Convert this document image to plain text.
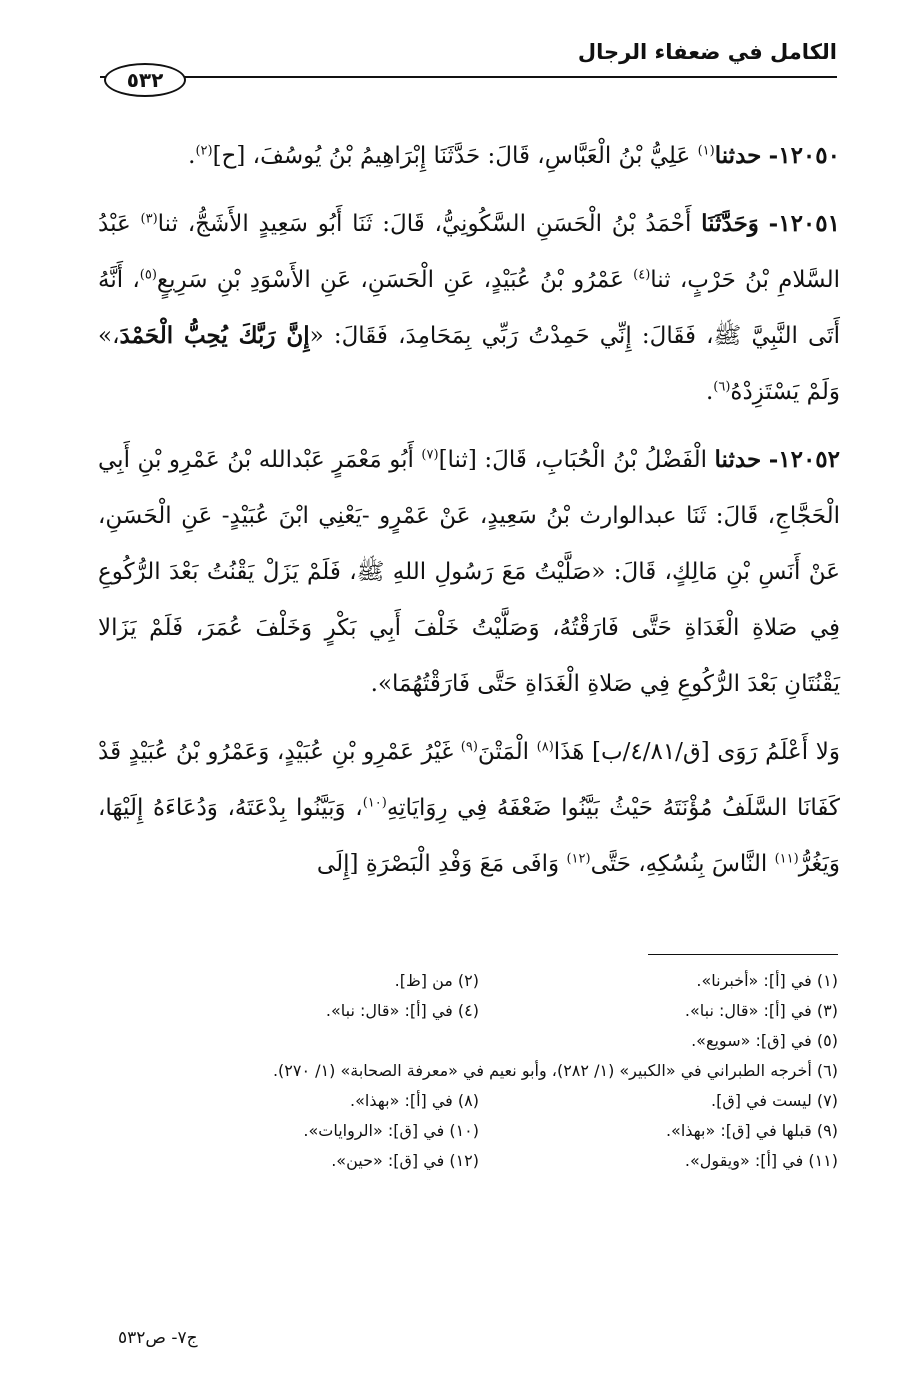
الكامل في ضعفاء الرجال
٥٣٢

١٢٠٥٠- حدثنا$^{(١)}$ عَلِيُّ بْنُ الْعَبَّاسِ، قَالَ: حَدَّثَنَا إِبْرَاهِيمُ بْنُ يُوسُفَ، [ح]$^{(٢)}$.

١٢٠٥١- وَحَدَّثَنَا أَحْمَدُ بْنُ الْحَسَنِ السَّكُونِيُّ، قَالَ: ثَنَا أَبُو سَعِيدٍ الأَشَجُّ، ثنا$^{(٣)}$ عَبْدُ السَّلامِ بْنُ حَرْبٍ، ثنا$^{(٤)}$ عَمْرُو بْنُ عُبَيْدٍ، عَنِ الْحَسَنِ، عَنِ الأَسْوَدِ بْنِ سَرِيعٍ$^{(٥)}$، أَنَّهُ أَتَى النَّبِيَّ ﷺ، فَقَالَ: إِنِّي حَمِدْتُ رَبِّي بِمَحَامِدَ، فَقَالَ: «إِنَّ رَبَّكَ يُحِبُّ الْحَمْدَ،» وَلَمْ يَسْتَزِدْهُ$^{(٦)}$.

١٢٠٥٢- حدثنا الْفَضْلُ بْنُ الْحُبَابِ، قَالَ: [ثنا]$^{(٧)}$ أَبُو مَعْمَرٍ عَبْدالله بْنُ عَمْرِو بْنِ أَبِي الْحَجَّاجِ، قَالَ: ثَنَا عبدالوارث بْنُ سَعِيدٍ، عَنْ عَمْرٍو -يَعْنِي ابْنَ عُبَيْدٍ- عَنِ الْحَسَنِ، عَنْ أَنَسِ بْنِ مَالِكٍ، قَالَ: «صَلَّيْتُ مَعَ رَسُولِ اللهِ ﷺ، فَلَمْ يَزَلْ يَقْنُتُ بَعْدَ الرُّكُوعِ فِي صَلاةِ الْغَدَاةِ حَتَّى فَارَقْتُهُ، وَصَلَّيْتُ خَلْفَ أَبِي بَكْرٍ وَخَلْفَ عُمَرَ، فَلَمْ يَزَالا يَقْنُتَانِ بَعْدَ الرُّكُوعِ فِي صَلاةِ الْغَدَاةِ حَتَّى فَارَقْتُهُمَا».

وَلا أَعْلَمُ رَوَى [ق/٤/٨١/ب] هَذَا$^{(٨)}$ الْمَتْنَ$^{(٩)}$ غَيْرُ عَمْرِو بْنِ عُبَيْدٍ، وَعَمْرُو بْنُ عُبَيْدٍ قَدْ كَفَانَا السَّلَفُ مُؤْنَتَهُ حَيْثُ بَيَّنُوا ضَعْفَهُ فِي رِوَايَاتِهِ$^{(١٠)}$، وَبَيَّنُوا بِدْعَتَهُ، وَدُعَاءَهُ إِلَيْهَا، وَيَغُرُّ$^{(١١)}$ النَّاسَ بِنُسُكِهِ، حَتَّى$^{(١٢)}$ وَافَى مَعَ وَفْدِ الْبَصْرَةِ [إِلَى

(١) في [أ]: «أخبرنا».
(٢) من [ظ].
(٣) في [أ]: «قال: نبا».
(٤) في [أ]: «قال: نبا».
(٥) في [ق]: «سويع».
(٦) أخرجه الطبراني في «الكبير» (١/ ٢٨٢)، وأبو نعيم في «معرفة الصحابة» (١/ ٢٧٠).
(٧) ليست في [ق].
(٨) في [أ]: «بهذا».
(٩) قبلها في [ق]: «بهذا».
(١٠) في [ق]: «الروايات».
(١١) في [أ]: «ويقول».
(١٢) في [ق]: «حين».
ج٧- ص٥٣٢
